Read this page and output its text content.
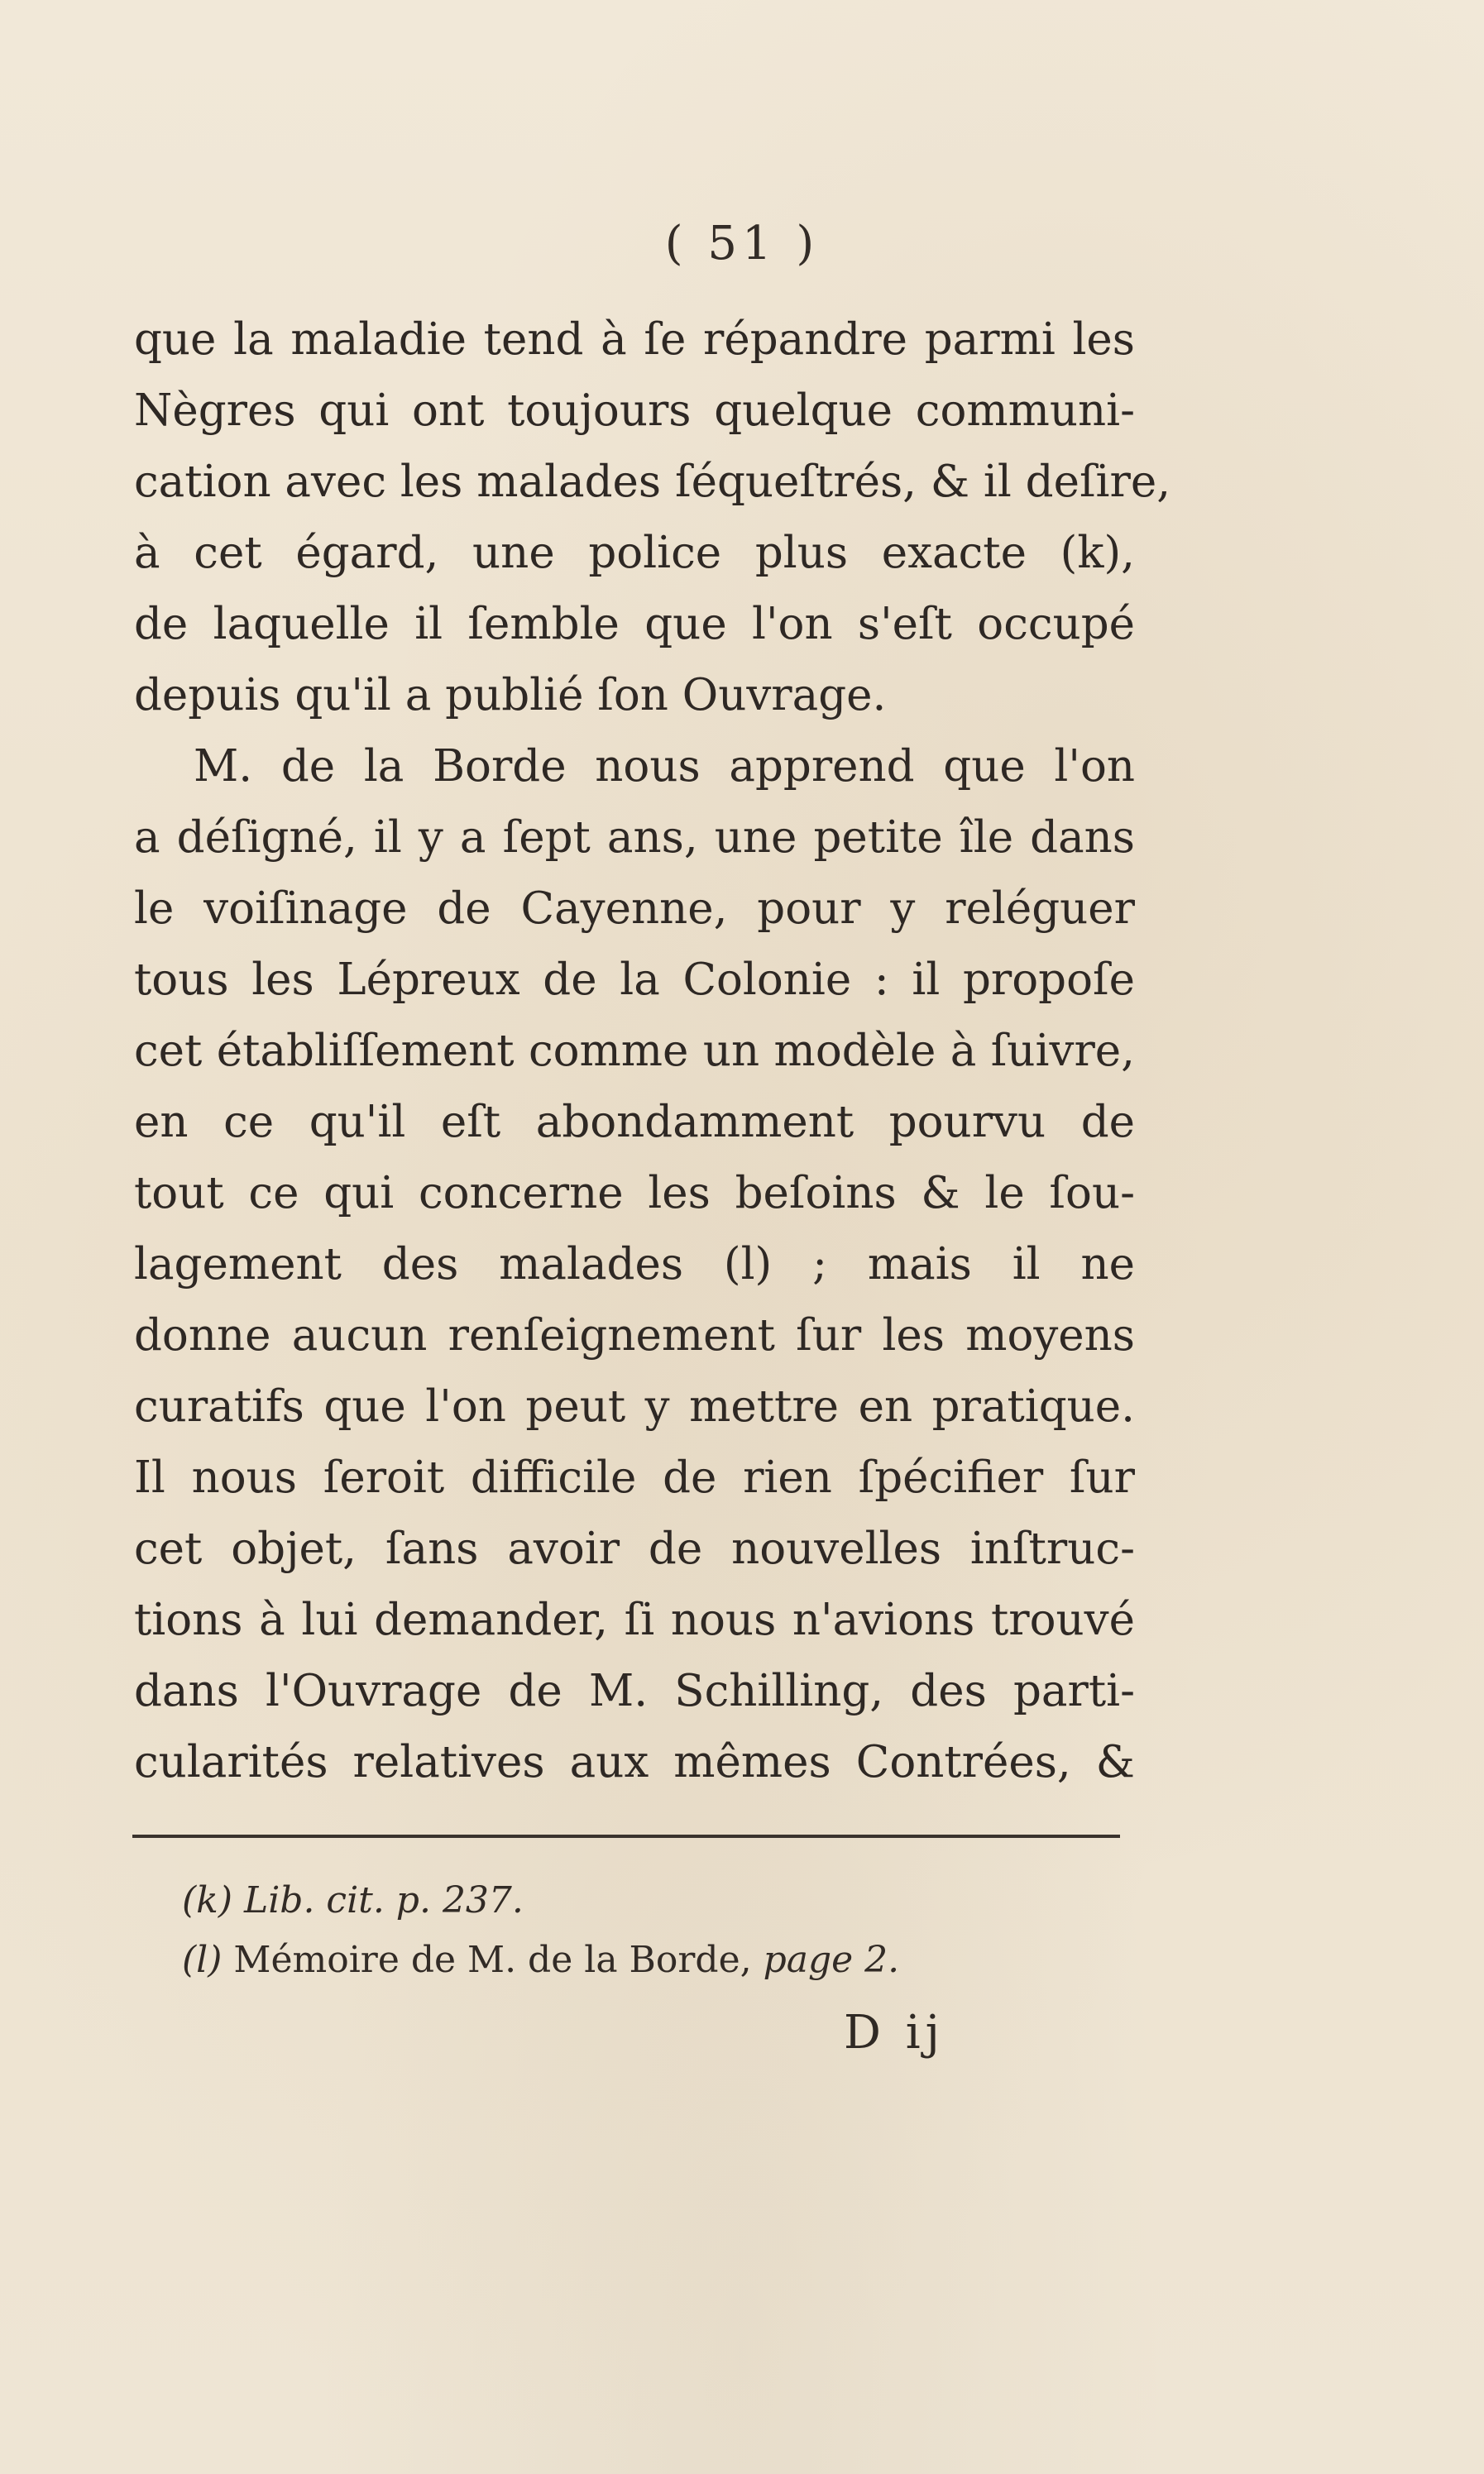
( 51 )
que la maladie tend à ſe répandre parmi les
Nègres qui ont toujours quelque communi-
cation avec les malades ſéqueſtrés, & il deſire,
à cet égard, une police plus exacte (k),
de laquelle il ſemble que l'on s'eſt occupé
depuis qu'il a publié ſon Ouvrage.
M. de la Borde nous apprend que l'on
a déſigné, il y a ſept ans, une petite île dans
le voiſinage de Cayenne, pour y reléguer
tous les Lépreux de la Colonie : il propoſe
cet établiſſement comme un modèle à ſuivre,
en ce qu'il eſt abondamment pourvu de
tout ce qui concerne les beſoins & le ſou-
lagement des malades (l) ; mais il ne
donne aucun renſeignement ſur les moyens
curatifs que l'on peut y mettre en pratique.
Il nous ſeroit difficile de rien ſpécifier ſur
cet objet, ſans avoir de nouvelles inſtruc-
tions à lui demander, ſi nous n'avions trouvé
dans l'Ouvrage de M. Schilling, des parti-
cularités relatives aux mêmes Contrées, &
(k) Lib. cit. p. 237.
(l) Mémoire de M. de la Borde, page 2.
D ij
